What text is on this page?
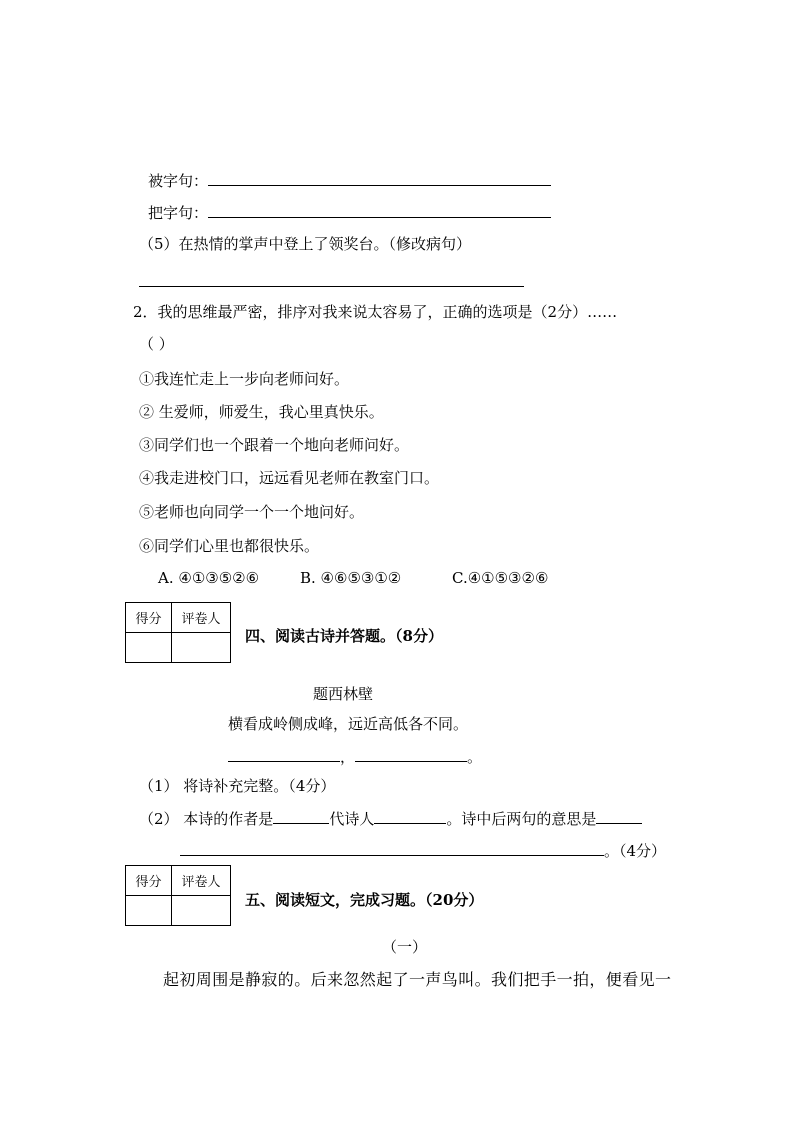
被字句：
把字句：
（5）在热情的掌声中登上了领奖台。（修改病句）
2．我的思维最严密，排序对我来说太容易了，正确的选项是（2分）……
（ ）
①我连忙走上一步向老师问好。
② 生爱师，师爱生，我心里真快乐。
③同学们也一个跟着一个地向老师问好。
④我走进校门口，远远看见老师在教室门口。
⑤老师也向同学一个一个地问好。
⑥同学们心里也都很快乐。
A. ④①③⑤②⑥	B. ④⑥⑤③①②	C.④①⑤③②⑥
得分	评卷人

四、阅读古诗并答题。（8分）
题西林壁
横看成岭侧成峰，远近高低各不同。
，	。
（1） 将诗补充完整。（4分）
（2） 本诗的作者是	代诗人	。诗中后两句的意思是
。（4分）
得分	评卷人

五、阅读短文，完成习题。（20分）
（一）
起初周围是静寂的。后来忽然起了一声鸟叫。我们把手一拍，便看见一
